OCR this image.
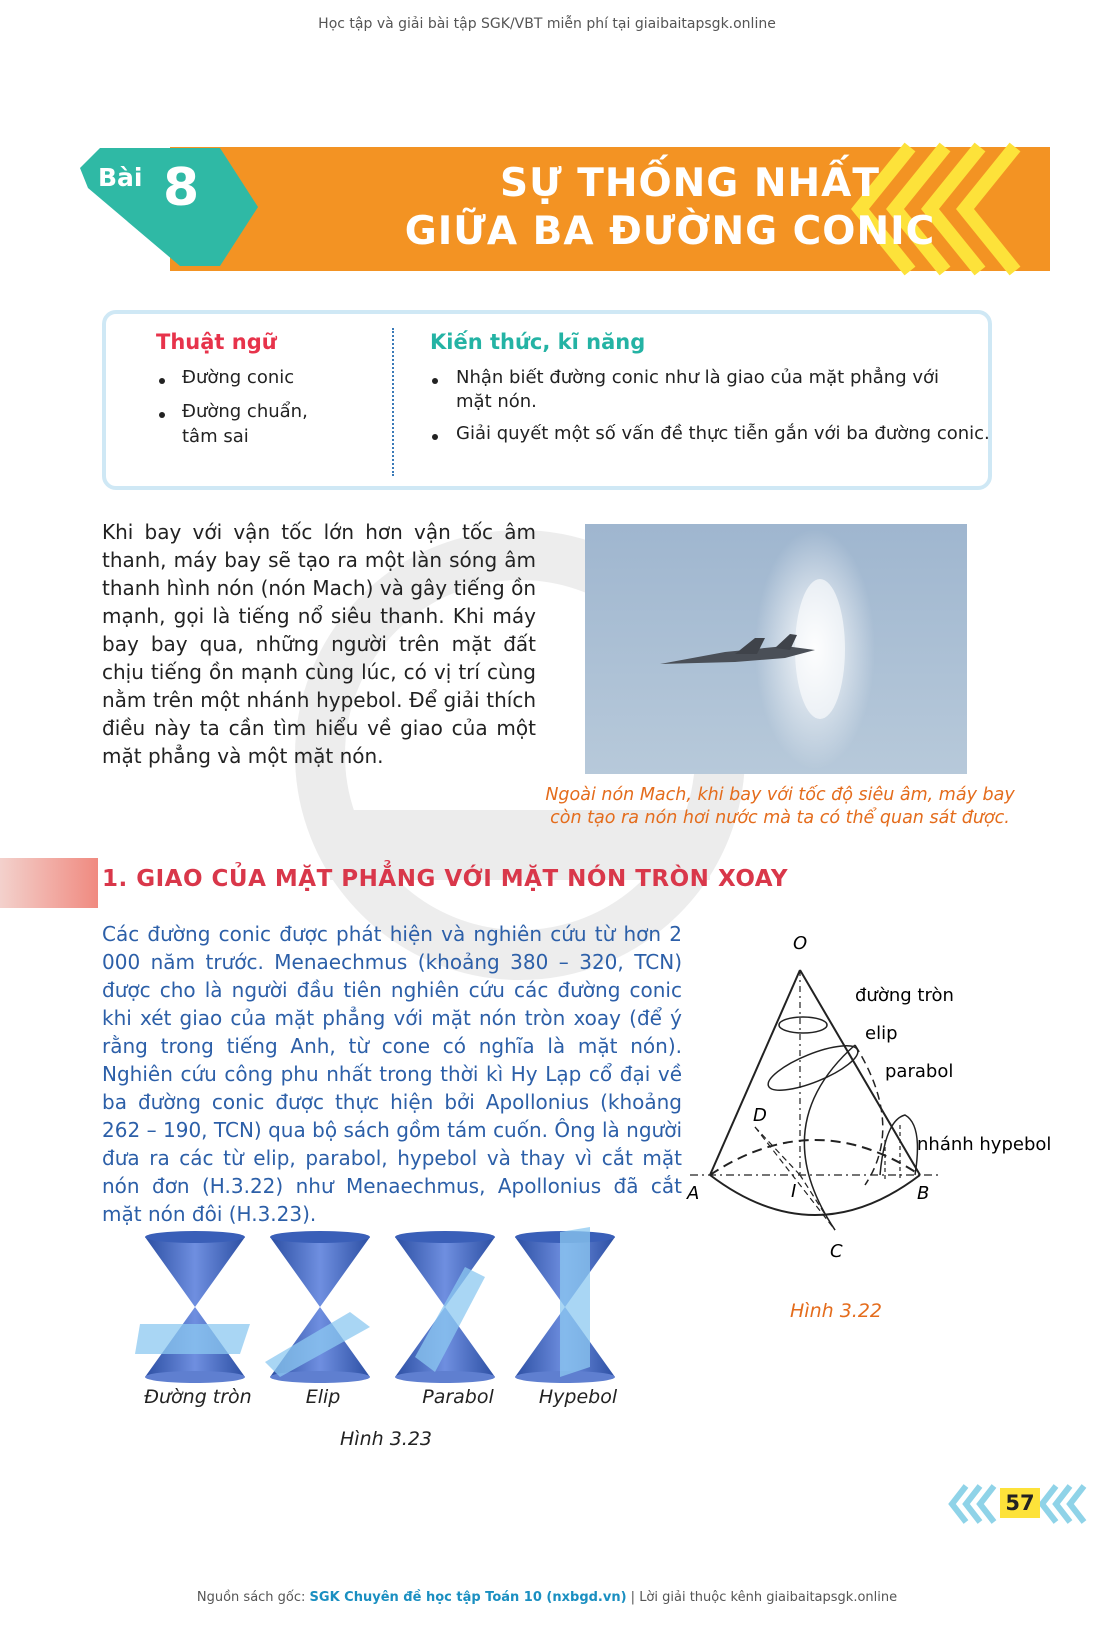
Học tập và giải bài tập SGK/VBT miễn phí tại giaibaitapsgk.online
SỰ THỐNG NHẤT
GIỮA BA ĐƯỜNG CONIC
Bài 8
Thuật ngữ
Đường conic
Đường chuẩn,
tâm sai
Kiến thức, kĩ năng
Nhận biết đường conic như là giao của mặt phẳng với
mặt nón.
Giải quyết một số vấn đề thực tiễn gắn với ba đường conic.
Khi bay với vận tốc lớn hơn vận tốc âm thanh, máy bay sẽ tạo ra một làn sóng âm thanh hình nón (nón Mach) và gây tiếng ồn mạnh, gọi là tiếng nổ siêu thanh. Khi máy bay bay qua, những người trên mặt đất chịu tiếng ồn mạnh cùng lúc, có vị trí cùng nằm trên một nhánh hypebol. Để giải thích điều này ta cần tìm hiểu về giao của một mặt phẳng và một mặt nón.
Ngoài nón Mach, khi bay với tốc độ siêu âm, máy bay
còn tạo ra nón hơi nước mà ta có thể quan sát được.
1. GIAO CỦA MẶT PHẲNG VỚI MẶT NÓN TRÒN XOAY
Các đường conic được phát hiện và nghiên cứu từ hơn 2 000 năm trước. Menaechmus (khoảng 380 – 320, TCN) được cho là người đầu tiên nghiên cứu các đường conic khi xét giao của mặt phẳng với mặt nón tròn xoay (để ý rằng trong tiếng Anh, từ cone có nghĩa là mặt nón). Nghiên cứu công phu nhất trong thời kì Hy Lạp cổ đại về ba đường conic được thực hiện bởi Apollonius (khoảng 262 – 190, TCN) qua bộ sách gồm tám cuốn. Ông là người đưa ra các từ elip, parabol, hypebol và thay vì cắt mặt nón đơn (H.3.22) như Menaechmus, Apollonius đã cắt mặt nón đôi (H.3.23).
O
D
A	I	B
C
đường tròn
elip
parabol
nhánh hypebol
Hình 3.22
Đường tròn	Elip	Parabol	Hypebol
Hình 3.23
57
Nguồn sách gốc: SGK Chuyên đề học tập Toán 10 (nxbgd.vn) | Lời giải thuộc kênh giaibaitapsgk.online
